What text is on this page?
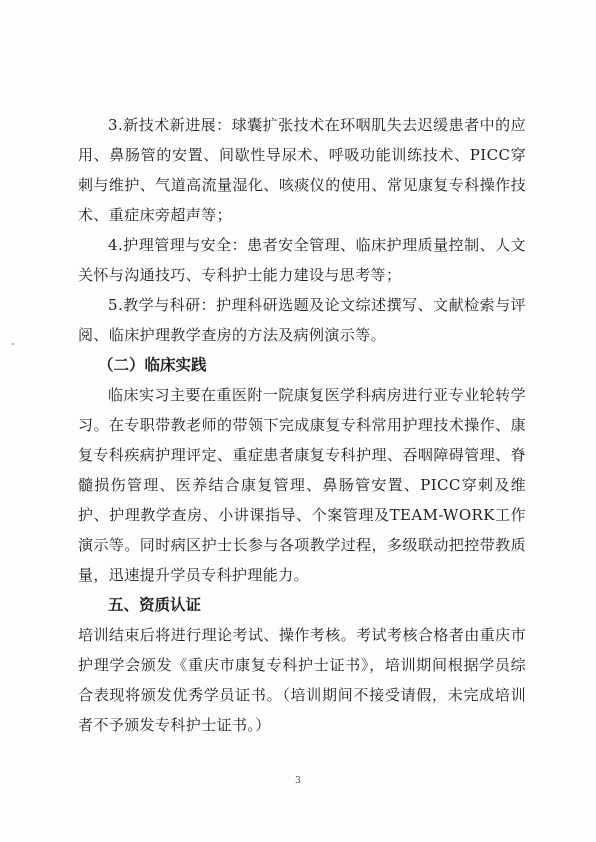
3.新技术新进展：球囊扩张技术在环咽肌失去迟缓患者中的应用、鼻肠管的安置、间歇性导尿术、呼吸功能训练技术、PICC穿刺与维护、气道高流量湿化、咳痰仪的使用、常见康复专科操作技术、重症床旁超声等；

4.护理管理与安全：患者安全管理、临床护理质量控制、人文关怀与沟通技巧、专科护士能力建设与思考等；

5.教学与科研：护理科研选题及论文综述撰写、文献检索与评阅、临床护理教学查房的方法及病例演示等。

（二）临床实践

临床实习主要在重医附一院康复医学科病房进行亚专业轮转学习。在专职带教老师的带领下完成康复专科常用护理技术操作、康复专科疾病护理评定、重症患者康复专科护理、吞咽障碍管理、脊髓损伤管理、医养结合康复管理、鼻肠管安置、PICC穿刺及维护、护理教学查房、小讲课指导、个案管理及TEAM-WORK工作演示等。同时病区护士长参与各项教学过程，多级联动把控带教质量，迅速提升学员专科护理能力。

五、资质认证

培训结束后将进行理论考试、操作考核。考试考核合格者由重庆市护理学会颁发《重庆市康复专科护士证书》，培训期间根据学员综合表现将颁发优秀学员证书。（培训期间不接受请假，未完成培训者不予颁发专科护士证书。）

3
